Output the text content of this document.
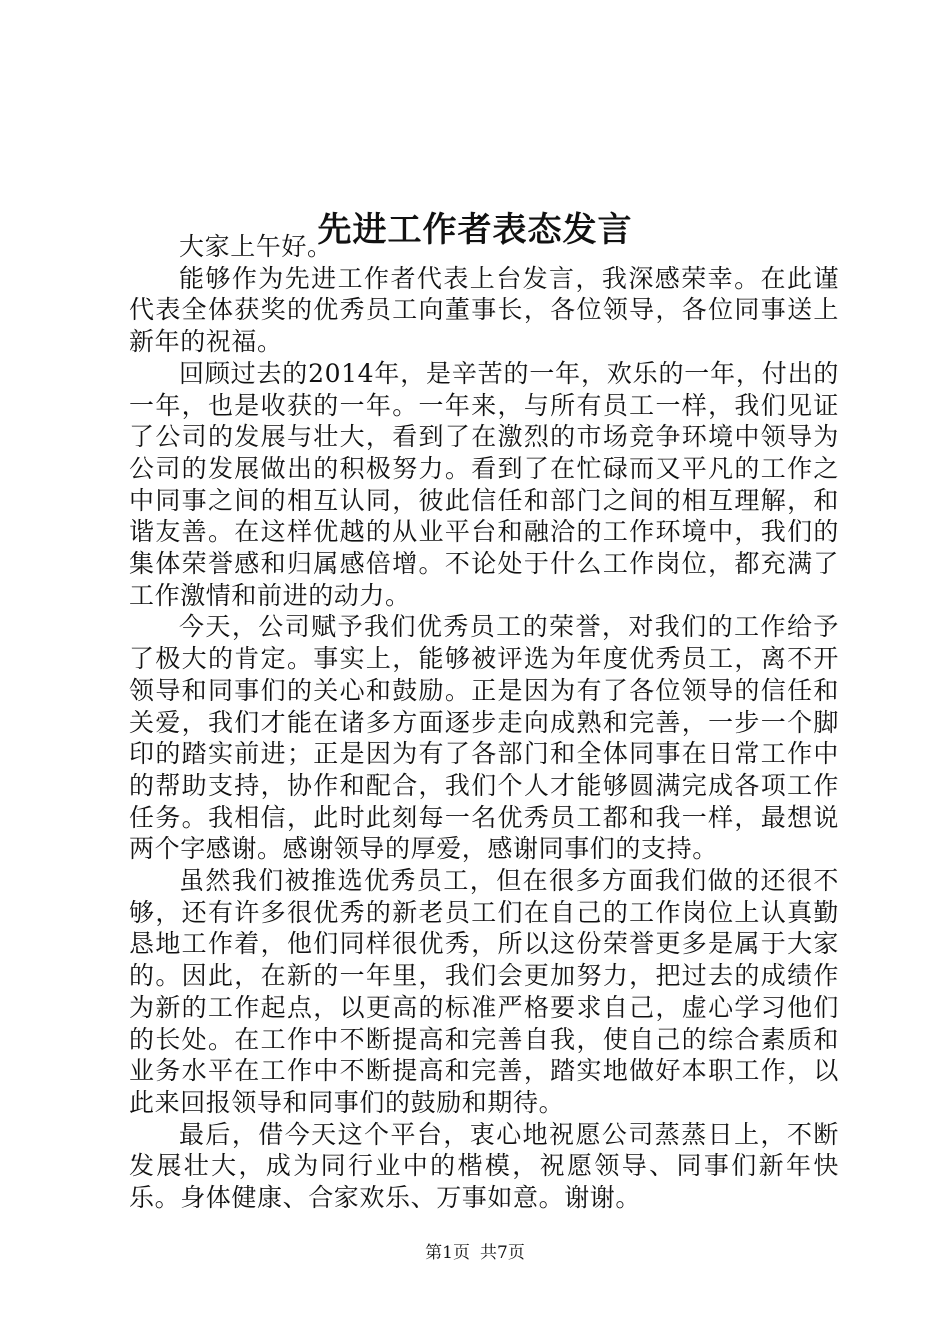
先进工作者表态发言

大家上午好。

能够作为先进工作者代表上台发言，我深感荣幸。在此谨代表全体获奖的优秀员工向董事长，各位领导，各位同事送上新年的祝福。

回顾过去的2014年，是辛苦的一年，欢乐的一年，付出的一年，也是收获的一年。一年来，与所有员工一样，我们见证了公司的发展与壮大，看到了在激烈的市场竞争环境中领导为公司的发展做出的积极努力。看到了在忙碌而又平凡的工作之中同事之间的相互认同，彼此信任和部门之间的相互理解，和谐友善。在这样优越的从业平台和融洽的工作环境中，我们的集体荣誉感和归属感倍增。不论处于什么工作岗位，都充满了工作激情和前进的动力。

今天，公司赋予我们优秀员工的荣誉，对我们的工作给予了极大的肯定。事实上，能够被评选为年度优秀员工，离不开领导和同事们的关心和鼓励。正是因为有了各位领导的信任和关爱，我们才能在诸多方面逐步走向成熟和完善，一步一个脚印的踏实前进；正是因为有了各部门和全体同事在日常工作中的帮助支持，协作和配合，我们个人才能够圆满完成各项工作任务。我相信，此时此刻每一名优秀员工都和我一样，最想说两个字感谢。感谢领导的厚爱，感谢同事们的支持。

虽然我们被推选优秀员工，但在很多方面我们做的还很不够，还有许多很优秀的新老员工们在自己的工作岗位上认真勤恳地工作着，他们同样很优秀，所以这份荣誉更多是属于大家的。因此，在新的一年里，我们会更加努力，把过去的成绩作为新的工作起点，以更高的标准严格要求自己，虚心学习他们的长处。在工作中不断提高和完善自我，使自己的综合素质和业务水平在工作中不断提高和完善，踏实地做好本职工作，以此来回报领导和同事们的鼓励和期待。

最后，借今天这个平台，衷心地祝愿公司蒸蒸日上，不断发展壮大，成为同行业中的楷模，祝愿领导、同事们新年快乐。身体健康、合家欢乐、万事如意。谢谢。

第1页 共7页
